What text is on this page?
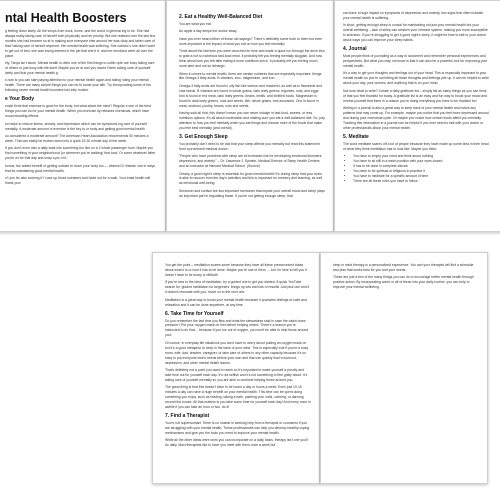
ntal Health Boosters

g feeling down lately. All the shops from work, home, and the world in general ing to be. She had always really taking care of herself both physically and her priority. But she realised over the last few months she had become so st in making sure everyone else around her was okay and taken care of that f taking care of herself anymore. Her mental health was suffering. She noticed u she didn't want to get out of bed, she was losing interest in the job that she'd rt, and her emotions were all over the place.

ely, Tanya isn't alone. Mental health is often one of the first things to suffer ople are busy taking care of others or just busy with life itself. Maybe you've al and you haven't been taking care of yourself lately and that your mental health g.

s now is you can start paying attention to your mental health again and taking nding your mental health. There are many simple things you can do to boost your alth. Try incorporating some of the following seven mental health boosters into ekly routine.

e Your Body

eople think that exercise is good for the body, but what about the mind? Regular s one of the best things you can do for your mental health. When you exercise dy releases chemicals, which have mood-boosting effects.

so helps to reduce stress, anxiety, and depression which can be symptoms ing care of yourself mentally. A moderate amount of exercise is the key to ur body and getting good mental health.

ou considered a moderate amount? The American Heart Association recommends 50 minutes a week. That can easily be broken down into a quick 15-30 minute day of the week.

If you don't even own a daily walk into something fun like on a 2 whole passenger hum. Maybe you find something in your neighborhood (or wherever you're walking) that lood. Or some whatever latter you're on for that day and snap a pic of it.

bonus, the added benefit of getting outside to move your body too — vitamin D! Vitamin ctor in ways that for maintaining good mental health.

n't you for also working it? Lace up those sneakers and head out for a walk. Your ental health will thank you!

2. Eat a Healthy Well-Balanced Diet

You are what you eat.

An apple a day keeps the doctor away.

Have you ever heard either of these old sayings? There's definitely some truth to them but even more important is the impact of what you eat on how you feel mentally!

Think about the last time you were crunched for time and made a quick run through the drive-thru to grab a not so nutritious fast-food meal. It probably left you feeling mentally sluggish. And now think about how you felt after eating a more nutritious lunch. It probably left you feeling much more alert and not so lethargic.

When it comes to mental health, there are certain nutrients that are especially important: things like Omega-3 fatty acids, B vitamins, zinc, magnesium, and iron.

Omega-3 fatty acids are found in oily fish like salmon and mackerel, as well as in flaxseeds and chia seeds. B vitamins are found in whole grains, dark leafy greens, legumes, nuts, and eggs. Iron is found in red meat, dark leafy greens, beans, lentils, and fortified foods. Magnesium is found in dark leafy greens, nuts and seeds, fish, whole grains, and avocados. Zinc is found in meat, seafood, poultry, beans, nuts and seeds.

Having said all that, this doesn't mean you can never indulge in fast-food, sweets, or less nutritious options. It's all about moderation and making sure you eat a well-balanced diet. So, pay attention to how you feel mentally when you eat things and choose more of the foods that make you feel best mentally (and overall).

3. Get Enough Sleep

You probably don't need to be told that your sleep affects you mentally but read this statement from a prominent medical doctor:

"People who have problems with sleep are at increased risk for developing emotional disorders, depression, and anxiety." – Dr. Lawrence J. Epstein, Medical Director of Sleep Health Centers and an instructor at Harvard Medical School. (Source)

Clearly, a good night's sleep is essential for good mental health! It's during sleep that your brain is able to recover from the day's activities and this is important for memory and learning, as well as emotional well-being.

Serotonin and cortisol are two important hormones that impact your overall mood and sleep plays an important part in regulating these. If you're not getting enough sleep, that

can have a huge impact on symptoms of depression and anxiety, two signs that often indicate your mental health is suffering.

In short, getting enough sleep is crucial for maintaining not just your mental health but your overall wellbeing – lack of sleep can weaken your immune system, making you more susceptible to sickness. If you're struggling to get a good night's sleep, it might be time to talk to your doctor about ways you can improve your sleep habits.

4. Journal

Most people think of journaling as a way to document and remember personal experiences and perspectives. But what you may not know is that it can also be a powerful tool for improving your mental health.

It's a way to get your thoughts and feelings out of your head. This is especially important to your mental health so you're not letting all those thoughts and feelings pile up. It can be helpful to write about your day, your worries, and anything that is on your mind.

Not sure what to write? Create a daily gratitude list – simply list as many things as you can think of that you feel thankful for today. A gratitude list is an easy and fun way to boost your mood and remind yourself that there is a reason you're doing everything you have to be thankful for!

Writing in a journal is also a great way to keep track of your mental health and notice any patterns that may come up. For example, maybe you notice that you feel more depressed around and during your menstrual cycle. Or maybe you notice how certain foods affect you mentally. Tracking this information in a journal can be helpful if you ever need to talk with your doctor or other professionals about your mental health.

5. Meditate

The word meditate scares off a lot of people because they have made up some idea in their head of what they think meditation has to look like. Maybe you think:

• You have to empty your mind and think about nothing
• You have to sit still in a weird position with your eyes closed
• It has to be done in complete silence
• You have to be spiritual or religious to practice it
• You have to meditate for a specific amount of time
• There are all these rules you have to follow

You get the point – meditation scares some because they have all these preconceived ideas about what it is or how it has to be done. Maybe you're one of them … but I'm here to tell you it doesn't have to be scary or difficult!

If you're new to the idea of meditation, try a guided one to get you started. A quick YouTube search for 'guided meditation for beginners' brings up lots and lots of results! Just pick one and if it doesn't resonate with you, move on to the next one.

Meditation is a great way to boost your mental health because it promotes feelings of calm and relaxation and it can be done anywhere, at any time.

6. Take Time for Yourself

Do you remember the last time you flew and what the stewardess said in case the cabin loses pressure? Put your oxygen mask on first before helping others. There's a reason you're instructed to do that… because if you run out of oxygen, you won't be able to help those around you!

Of course, in everyday life situations you don't have to worry about putting an oxygen mask on but it's a good metaphor to keep in the back of your mind. This is especially true if you're a busy mom, wife, dad, teacher, caregiver, or take care of others in any other capacity because it's so easy to put everyone else's needs before your own and that can quickly lead to burnout, depression, and other mental health issues.

That's definitely not a point you want to reach so it's important to make yourself a priority and take time out for yourself each day. It's not selfish and it's not something to feel guilty about. It's taking care of yourself mentally so you are able to continue helping those around you.

The great thing is that this doesn't have to be hours a day or hours a week. Even just 10-15 minutes a day can have a huge benefit on your mental health. This time can be spent doing something you enjoy, such as reading, taking a bath, painting your nails, coloring, or dancing around the house. All that matters is you take some time for yourself each day! And every once in awhile if you can take an hour or two, do it!

7. Find a Therapist

You're not superwoman! There is no shame in seeking help from a therapist or counselor if you are struggling with your mental health. These professionals can help you develop healthy coping mechanisms and give you the tools you need to improve your mental health.

While all the other ideas were ones you can incorporate on a daily basis, therapy isn't one you'll do daily. Most therapists like to have you meet with them once a week but

keep in mind therapy is a personalized experience. You and your therapist will find a schedule and plan that works best for you and your needs.

These are just a few of the many things you can do to encourage better mental health through positive action. By incorporating some or all of these into your daily routine, you can help to improve your mental wellbeing.
